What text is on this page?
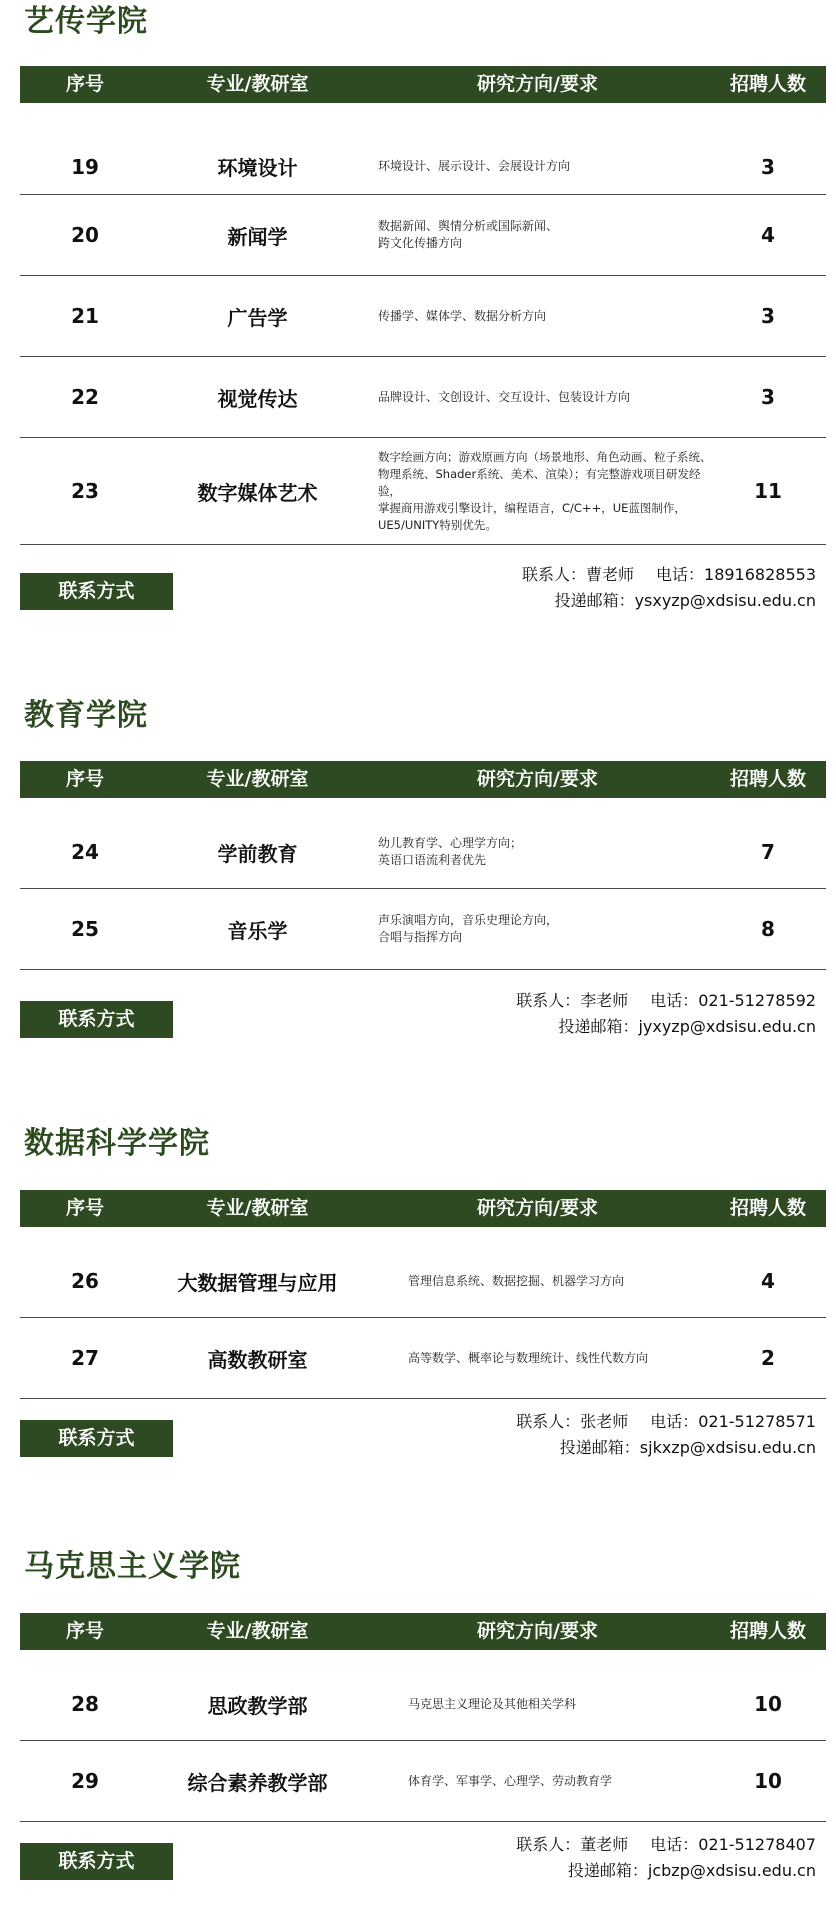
艺传学院
序号	专业/教研室	研究方向/要求	招聘人数
19	环境设计	环境设计、展示设计、会展设计方向	3
20	新闻学	数据新闻、舆情分析或国际新闻、
跨文化传播方向	4
21	广告学	传播学、媒体学、数据分析方向	3
22	视觉传达	品牌设计、文创设计、交互设计、包装设计方向	3
23	数字媒体艺术
数字绘画方向；游戏原画方向（场景地形、角色动画、粒子系统、
物理系统、Shader系统、美术、渲染）；有完整游戏项目研发经验，
掌握商用游戏引擎设计，编程语言，C/C++，UE蓝图制作，
UE5/UNITY特别优先。
11
联系方式
联系人：曹老师 电话：18916828553
投递邮箱：ysxyzp@xdsisu.edu.cn
教育学院
序号	专业/教研室	研究方向/要求	招聘人数
24	学前教育	幼儿教育学、心理学方向；
英语口语流利者优先	7
25	音乐学	声乐演唱方向，音乐史理论方向，
合唱与指挥方向	8
联系方式
联系人：李老师 电话：021-51278592
投递邮箱：jyxyzp@xdsisu.edu.cn
数据科学学院
序号	专业/教研室	研究方向/要求	招聘人数
26	大数据管理与应用	管理信息系统、数据挖掘、机器学习方向	4
27	高数教研室	高等数学、概率论与数理统计、线性代数方向	2
联系方式
联系人：张老师 电话：021-51278571
投递邮箱：sjkxzp@xdsisu.edu.cn
马克思主义学院
序号	专业/教研室	研究方向/要求	招聘人数
28	思政教学部	马克思主义理论及其他相关学科	10
29	综合素养教学部	体育学、军事学、心理学、劳动教育学	10
联系方式
联系人：董老师 电话：021-51278407
投递邮箱：jcbzp@xdsisu.edu.cn
